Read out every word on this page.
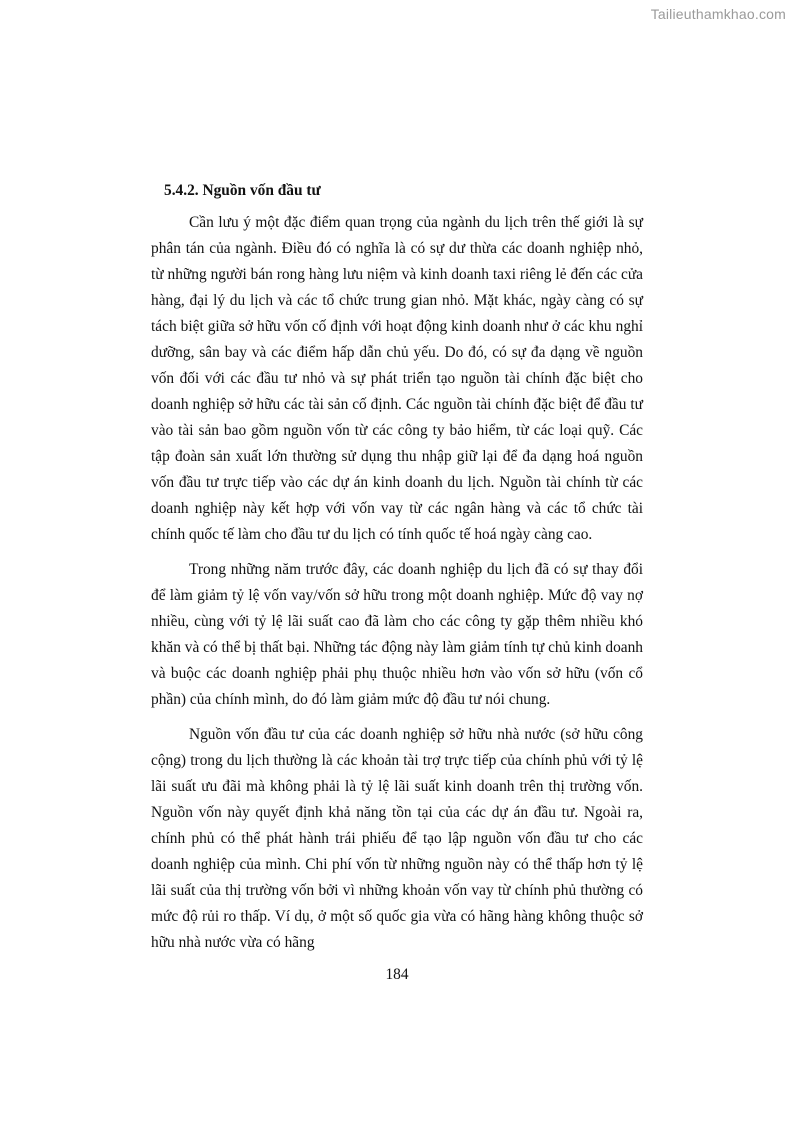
Tailieuthamkhao.com
5.4.2. Nguồn vốn đầu tư

Cần lưu ý một đặc điểm quan trọng của ngành du lịch trên thế giới là sự phân tán của ngành. Điều đó có nghĩa là có sự dư thừa các doanh nghiệp nhỏ, từ những người bán rong hàng lưu niệm và kinh doanh taxi riêng lẻ đến các cửa hàng, đại lý du lịch và các tổ chức trung gian nhỏ. Mặt khác, ngày càng có sự tách biệt giữa sở hữu vốn cố định với hoạt động kinh doanh như ở các khu nghỉ dưỡng, sân bay và các điểm hấp dẫn chủ yếu. Do đó, có sự đa dạng về nguồn vốn đối với các đầu tư nhỏ và sự phát triển tạo nguồn tài chính đặc biệt cho doanh nghiệp sở hữu các tài sản cố định. Các nguồn tài chính đặc biệt để đầu tư vào tài sản bao gồm nguồn vốn từ các công ty bảo hiểm, từ các loại quỹ. Các tập đoàn sản xuất lớn thường sử dụng thu nhập giữ lại để đa dạng hoá nguồn vốn đầu tư trực tiếp vào các dự án kinh doanh du lịch. Nguồn tài chính từ các doanh nghiệp này kết hợp với vốn vay từ các ngân hàng và các tổ chức tài chính quốc tế làm cho đầu tư du lịch có tính quốc tế hoá ngày càng cao.

Trong những năm trước đây, các doanh nghiệp du lịch đã có sự thay đổi để làm giảm tỷ lệ vốn vay/vốn sở hữu trong một doanh nghiệp. Mức độ vay nợ nhiều, cùng với tỷ lệ lãi suất cao đã làm cho các công ty gặp thêm nhiều khó khăn và có thể bị thất bại. Những tác động này làm giảm tính tự chủ kinh doanh và buộc các doanh nghiệp phải phụ thuộc nhiều hơn vào vốn sở hữu (vốn cổ phần) của chính mình, do đó làm giảm mức độ đầu tư nói chung.

Nguồn vốn đầu tư của các doanh nghiệp sở hữu nhà nước (sở hữu công cộng) trong du lịch thường là các khoản tài trợ trực tiếp của chính phủ với tỷ lệ lãi suất ưu đãi mà không phải là tỷ lệ lãi suất kinh doanh trên thị trường vốn. Nguồn vốn này quyết định khả năng tồn tại của các dự án đầu tư. Ngoài ra, chính phủ có thể phát hành trái phiếu để tạo lập nguồn vốn đầu tư cho các doanh nghiệp của mình. Chi phí vốn từ những nguồn này có thể thấp hơn tỷ lệ lãi suất của thị trường vốn bởi vì những khoản vốn vay từ chính phủ thường có mức độ rủi ro thấp. Ví dụ, ở một số quốc gia vừa có hãng hàng không thuộc sở hữu nhà nước vừa có hãng

184
